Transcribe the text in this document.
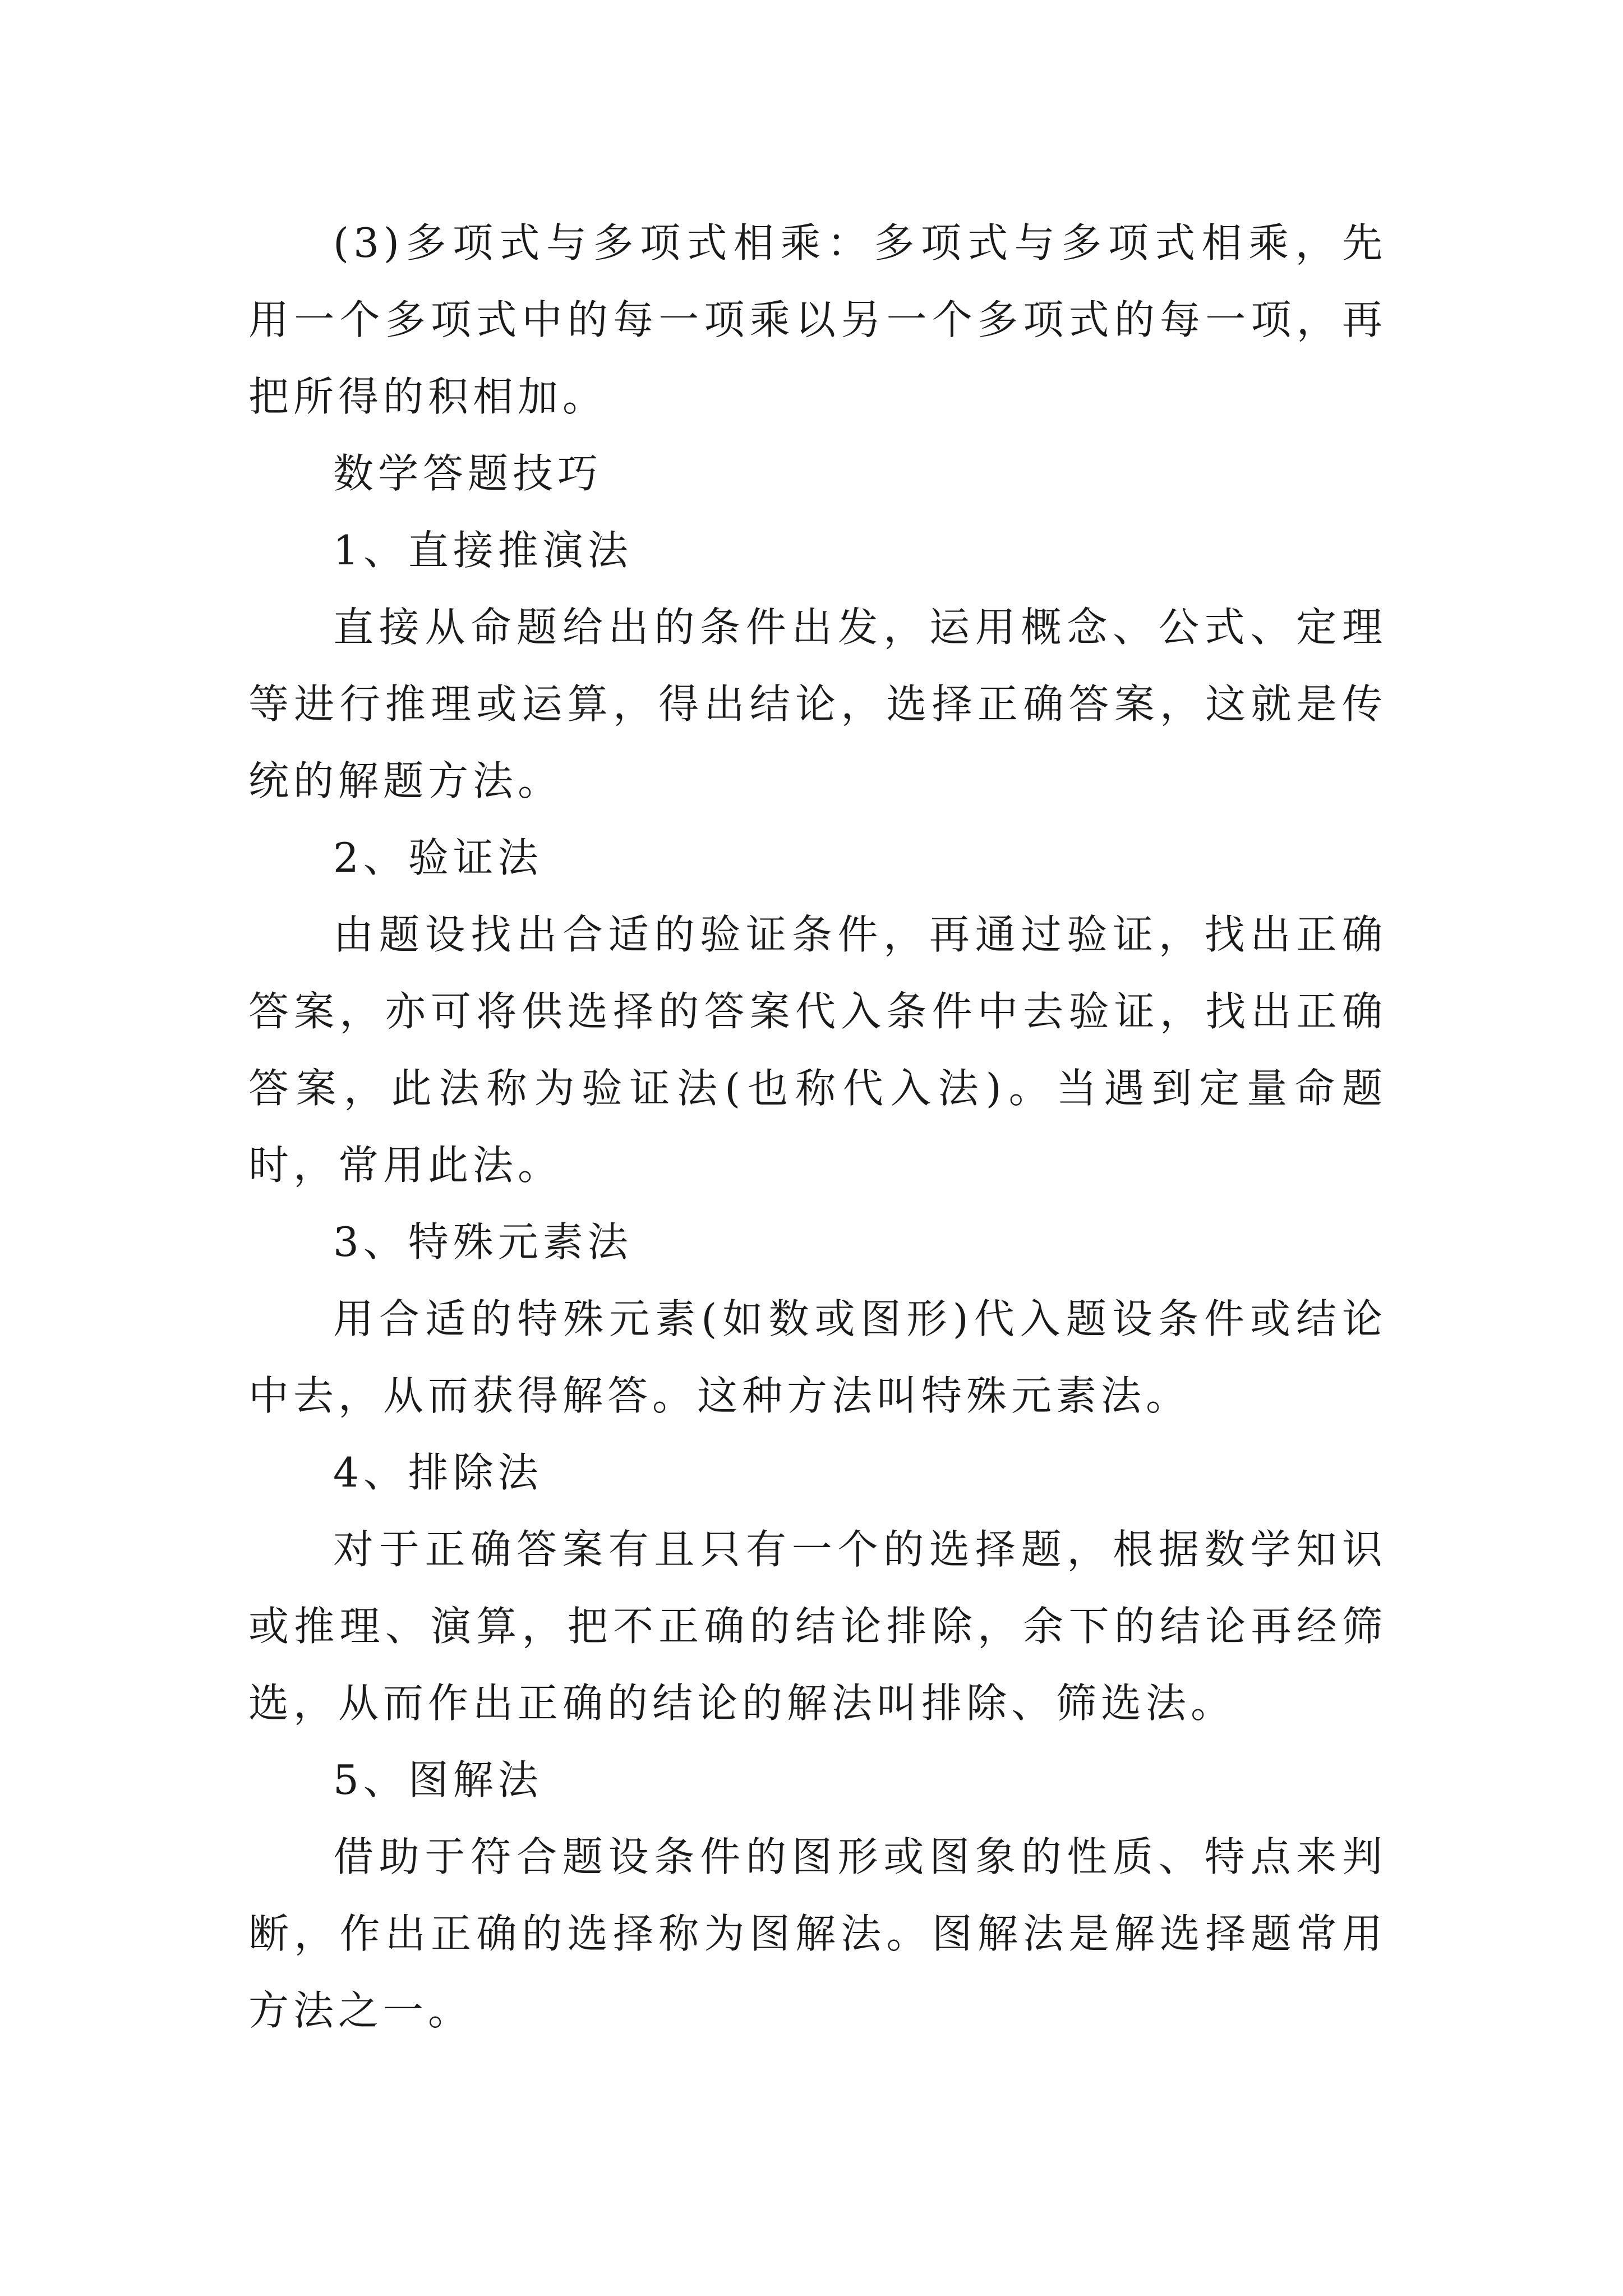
(3)多项式与多项式相乘：多项式与多项式相乘，先用一个多项式中的每一项乘以另一个多项式的每一项，再把所得的积相加。

数学答题技巧

1、直接推演法

直接从命题给出的条件出发，运用概念、公式、定理等进行推理或运算，得出结论，选择正确答案，这就是传统的解题方法。

2、验证法

由题设找出合适的验证条件，再通过验证，找出正确答案，亦可将供选择的答案代入条件中去验证，找出正确答案，此法称为验证法(也称代入法)。当遇到定量命题时，常用此法。

3、特殊元素法

用合适的特殊元素(如数或图形)代入题设条件或结论中去，从而获得解答。这种方法叫特殊元素法。

4、排除法

对于正确答案有且只有一个的选择题，根据数学知识或推理、演算，把不正确的结论排除，余下的结论再经筛选，从而作出正确的结论的解法叫排除、筛选法。

5、图解法

借助于符合题设条件的图形或图象的性质、特点来判断，作出正确的选择称为图解法。图解法是解选择题常用方法之一。
